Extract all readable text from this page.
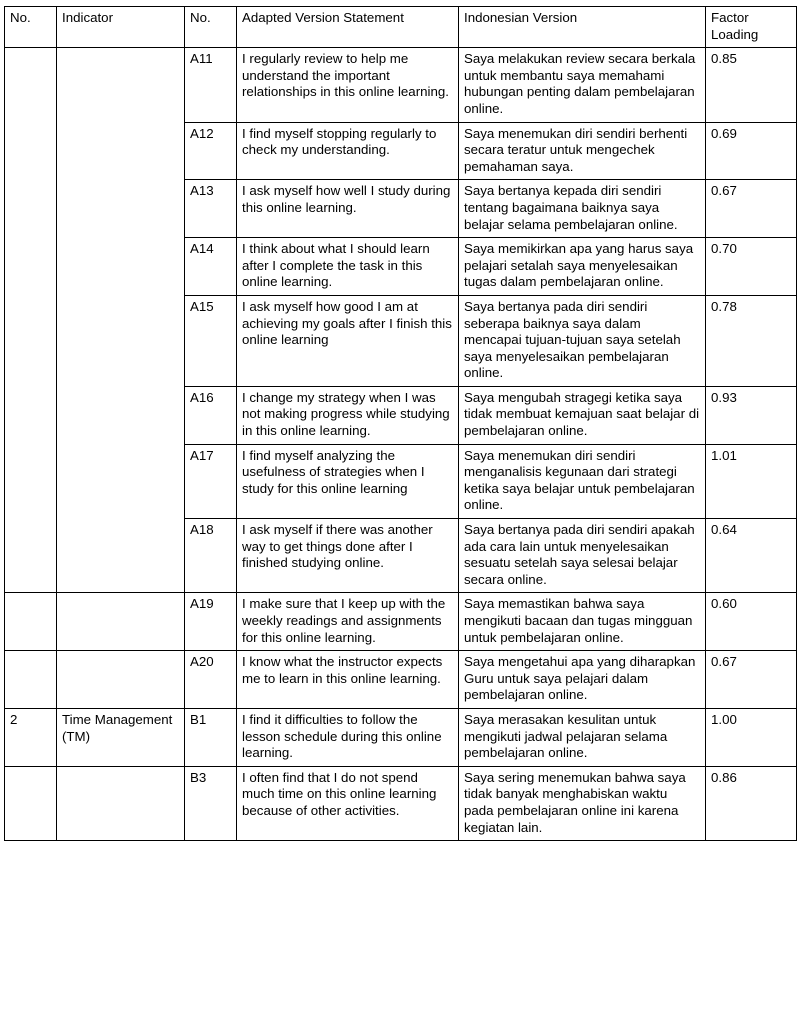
No.	Indicator	No.	Adapted Version Statement	Indonesian Version	Factor Loading
		A11	I regularly review to help me understand the important relationships in this online learning.	Saya melakukan review secara berkala untuk membantu saya memahami hubungan penting dalam pembelajaran online.	0.85
		A12	I find myself stopping regularly to check my understanding.	Saya menemukan diri sendiri berhenti secara teratur untuk mengechek pemahaman saya.	0.69
		A13	I ask myself how well I study during this online learning.	Saya bertanya kepada diri sendiri tentang bagaimana baiknya saya belajar selama pembelajaran online.	0.67
		A14	I think about what I should learn after I complete the task in this online learning.	Saya memikirkan apa yang harus saya pelajari setalah saya menyelesaikan tugas dalam pembelajaran online.	0.70
		A15	I ask myself how good I am at achieving my goals after I finish this online learning	Saya bertanya pada diri sendiri seberapa baiknya saya dalam mencapai tujuan-tujuan saya setelah saya menyelesaikan pembelajaran online.	0.78
		A16	I change my strategy when I was not making progress while studying in this online learning.	Saya mengubah stragegi ketika saya tidak membuat kemajuan saat belajar di pembelajaran online.	0.93
		A17	I find myself analyzing the usefulness of strategies when I study for this online learning	Saya menemukan diri sendiri menganalisis kegunaan dari strategi ketika saya belajar untuk pembelajaran online.	1.01
		A18	I ask myself if there was another way to get things done after I finished studying online.	Saya bertanya pada diri sendiri apakah ada cara lain untuk menyelesaikan sesuatu setelah saya selesai belajar secara online.	0.64
		A19	I make sure that I keep up with the weekly readings and assignments for this online learning.	Saya memastikan bahwa saya mengikuti bacaan dan tugas mingguan untuk pembelajaran online.	0.60
		A20	I know what the instructor expects me to learn in this online learning.	Saya mengetahui apa yang diharapkan Guru untuk saya pelajari dalam pembelajaran online.	0.67
2	Time Management (TM)	B1	I find it difficulties to follow the lesson schedule during this online learning.	Saya merasakan kesulitan untuk mengikuti jadwal pelajaran selama pembelajaran online.	1.00
		B3	I often find that I do not spend much time on this online learning because of other activities.	Saya sering menemukan bahwa saya tidak banyak menghabiskan waktu pada pembelajaran online ini karena kegiatan lain.	0.86
